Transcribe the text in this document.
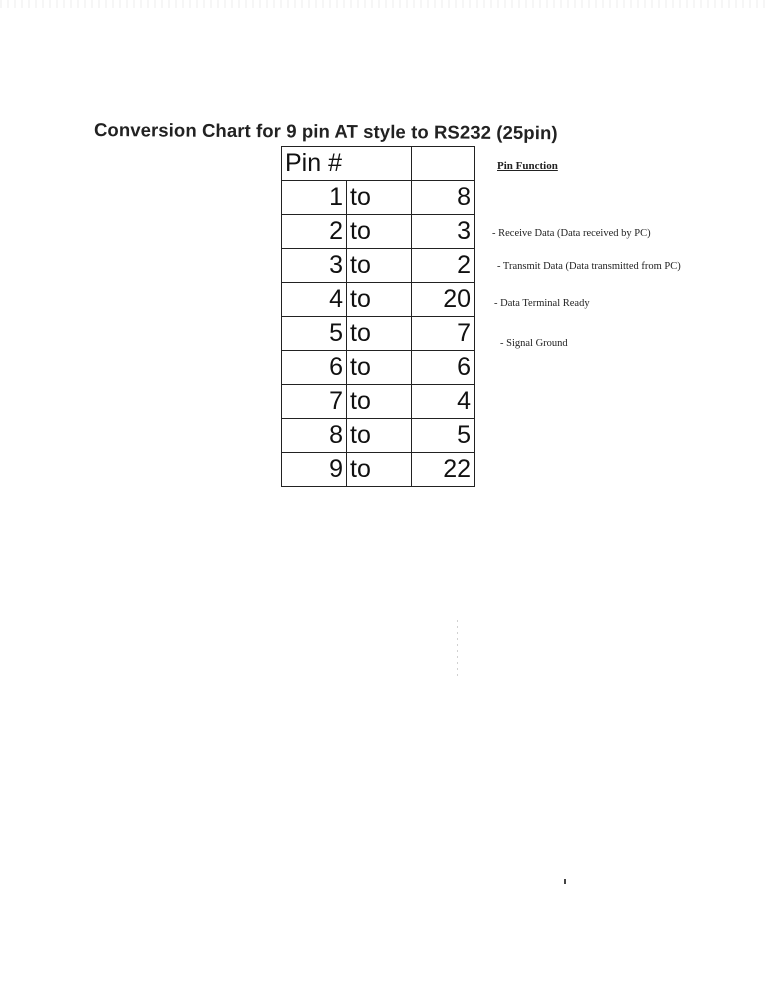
Conversion Chart for 9 pin AT style to RS232 (25pin)
Pin #		
1	to	8
2	to	3
3	to	2
4	to	20
5	to	7
6	to	6
7	to	4
8	to	5
9	to	22
Pin Function
- Receive Data (Data received by PC)
- Transmit Data (Data transmitted from PC)
- Data Terminal Ready
- Signal Ground
